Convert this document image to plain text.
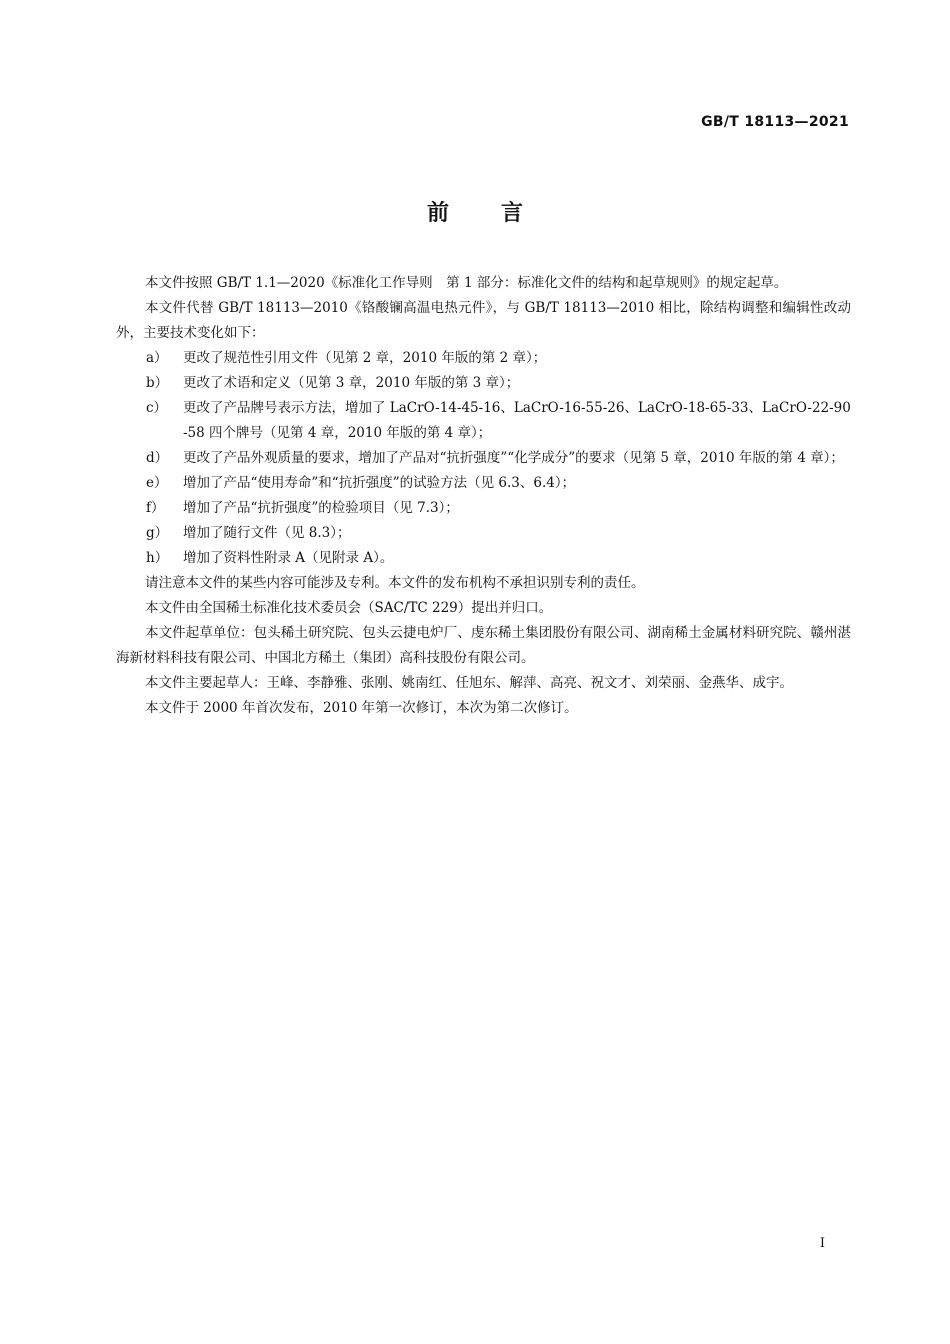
GB/T 18113—2021
前言

本文件按照 GB/T 1.1—2020《标准化工作导则　第 1 部分：标准化文件的结构和起草规则》的规定起草。

本文件代替 GB/T 18113—2010《铬酸镧高温电热元件》，与 GB/T 18113—2010 相比，除结构调整和编辑性改动外，主要技术变化如下：

a） 更改了规范性引用文件（见第 2 章，2010 年版的第 2 章）；
b） 更改了术语和定义（见第 3 章，2010 年版的第 3 章）；
c） 更改了产品牌号表示方法，增加了 LaCrO-14-45-16、LaCrO-16-55-26、LaCrO-18-65-33、LaCrO-22-90-58 四个牌号（见第 4 章，2010 年版的第 4 章）；
d） 更改了产品外观质量的要求，增加了产品对“抗折强度”“化学成分”的要求（见第 5 章，2010 年版的第 4 章）；
e） 增加了产品“使用寿命”和“抗折强度”的试验方法（见 6.3、6.4）；
f） 增加了产品“抗折强度”的检验项目（见 7.3）；
g） 增加了随行文件（见 8.3）；
h） 增加了资料性附录 A（见附录 A）。

请注意本文件的某些内容可能涉及专利。本文件的发布机构不承担识别专利的责任。

本文件由全国稀土标准化技术委员会（SAC/TC 229）提出并归口。

本文件起草单位：包头稀土研究院、包头云捷电炉厂、虔东稀土集团股份有限公司、湖南稀土金属材料研究院、赣州湛海新材料科技有限公司、中国北方稀土（集团）高科技股份有限公司。

本文件主要起草人：王峰、李静雅、张刚、姚南红、任旭东、解萍、高亮、祝文才、刘荣丽、金燕华、成宇。

本文件于 2000 年首次发布，2010 年第一次修订，本次为第二次修订。

I
